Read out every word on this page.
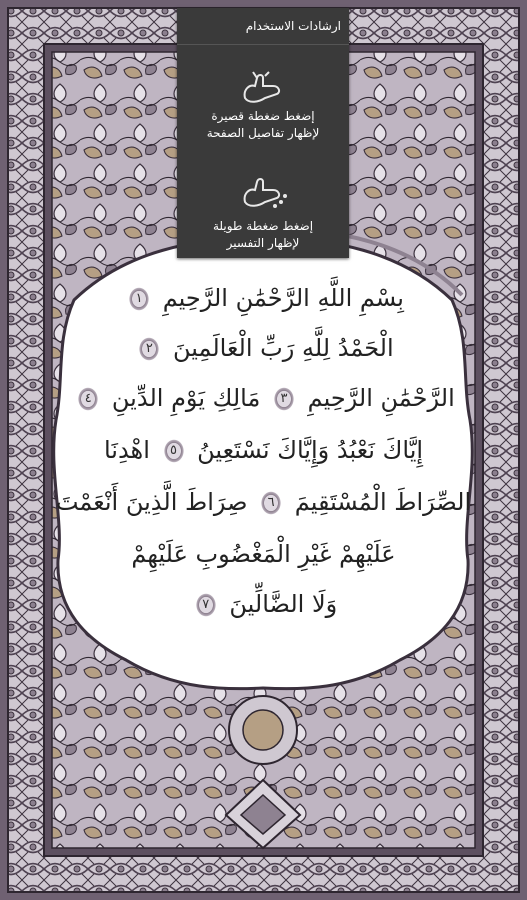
بِسْمِ اللَّهِ الرَّحْمَٰنِ الرَّحِيمِ ١
الْحَمْدُ لِلَّهِ رَبِّ الْعَالَمِينَ ٢
الرَّحْمَٰنِ الرَّحِيمِ ٣ مَالِكِ يَوْمِ الدِّينِ ٤
إِيَّاكَ نَعْبُدُ وَإِيَّاكَ نَسْتَعِينُ ٥ اهْدِنَا
الصِّرَاطَ الْمُسْتَقِيمَ ٦ صِرَاطَ الَّذِينَ أَنْعَمْتَ
عَلَيْهِمْ غَيْرِ الْمَغْضُوبِ عَلَيْهِمْ
وَلَا الضَّالِّينَ ٧
ارشادات الاستخدام
إضغط ضغطة قصيرة
لإظهار تفاصيل الصفحة
إضغط ضغطة طويلة
لإظهار التفسير
